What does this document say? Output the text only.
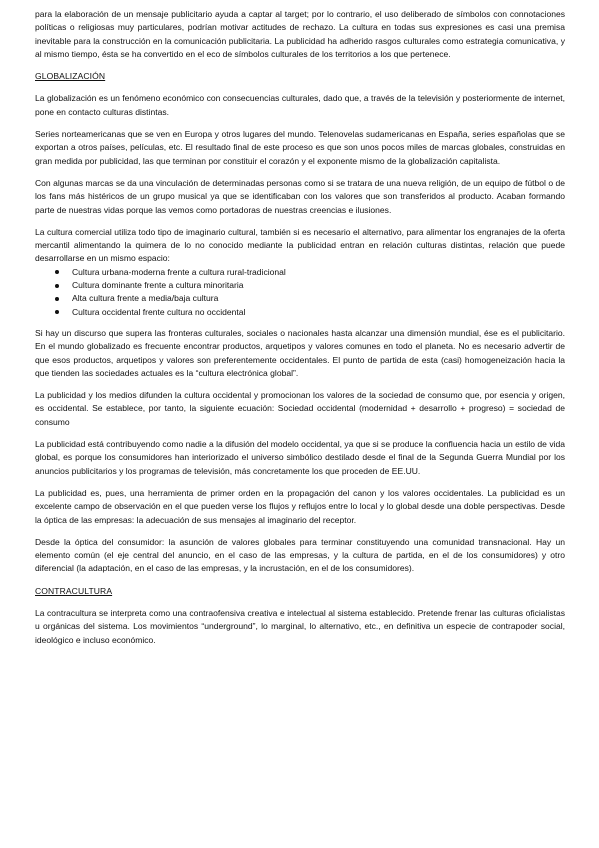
para la elaboración de un mensaje publicitario ayuda a captar al target; por lo contrario, el uso deliberado de símbolos con connotaciones políticas o religiosas muy particulares, podrían motivar actitudes de rechazo. La cultura en todas sus expresiones es casi una premisa inevitable para la construcción en la comunicación publicitaria. La publicidad ha adherido rasgos culturales como estrategia comunicativa, y al mismo tiempo, ésta se ha convertido en el eco de símbolos culturales de los territorios a los que pertenece.

GLOBALIZACIÓN

La globalización es un fenómeno económico con consecuencias culturales, dado que, a través de la televisión y posteriormente de internet, pone en contacto culturas distintas.

Series norteamericanas que se ven en Europa y otros lugares del mundo. Telenovelas sudamericanas en España, series españolas que se exportan a otros países, películas, etc. El resultado final de este proceso es que son unos pocos miles de marcas globales, construidas en gran medida por publicidad, las que terminan por constituir el corazón y el exponente mismo de la globalización capitalista.

Con algunas marcas se da una vinculación de determinadas personas como si se tratara de una nueva religión, de un equipo de fútbol o de los fans más histéricos de un grupo musical ya que se identificaban con los valores que son transferidos al producto. Acaban formando parte de nuestras vidas porque las vemos como portadoras de nuestras creencias e ilusiones.

La cultura comercial utiliza todo tipo de imaginario cultural, también si es necesario el alternativo, para alimentar los engranajes de la oferta mercantil alimentando la quimera de lo no conocido mediante la publicidad entran en relación culturas distintas, relación que puede desarrollarse en un mismo espacio:

Cultura urbana-moderna frente a cultura rural-tradicional
Cultura dominante frente a cultura minoritaria
Alta cultura frente a media/baja cultura
Cultura occidental frente cultura no occidental

Si hay un discurso que supera las fronteras culturales, sociales o nacionales hasta alcanzar una dimensión mundial, ése es el publicitario. En el mundo globalizado es frecuente encontrar productos, arquetipos y valores comunes en todo el planeta. No es necesario advertir de que esos productos, arquetipos y valores son preferentemente occidentales. El punto de partida de esta (casi) homogeneización hacia la que tienden las sociedades actuales es la “cultura electrónica global”.

La publicidad y los medios difunden la cultura occidental y promocionan los valores de la sociedad de consumo que, por esencia y origen, es occidental. Se establece, por tanto, la siguiente ecuación: Sociedad occidental (modernidad + desarrollo + progreso) = sociedad de consumo

La publicidad está contribuyendo como nadie a la difusión del modelo occidental, ya que si se produce la confluencia hacia un estilo de vida global, es porque los consumidores han interiorizado el universo simbólico destilado desde el final de la Segunda Guerra Mundial por los anuncios publicitarios y los programas de televisión, más concretamente los que proceden de EE.UU.

La publicidad es, pues, una herramienta de primer orden en la propagación del canon y los valores occidentales. La publicidad es un excelente campo de observación en el que pueden verse los flujos y reflujos entre lo local y lo global desde una doble perspectivas. Desde la óptica de las empresas: la adecuación de sus mensajes al imaginario del receptor.

Desde la óptica del consumidor: la asunción de valores globales para terminar constituyendo una comunidad transnacional. Hay un elemento común (el eje central del anuncio, en el caso de las empresas, y la cultura de partida, en el de los consumidores) y otro diferencial (la adaptación, en el caso de las empresas, y la incrustación, en el de los consumidores).

CONTRACULTURA

La contracultura se interpreta como una contraofensiva creativa e intelectual al sistema establecido. Pretende frenar las culturas oficialistas u orgánicas del sistema. Los movimientos “underground”, lo marginal, lo alternativo, etc., en definitiva un especie de contrapoder social, ideológico e incluso económico.
